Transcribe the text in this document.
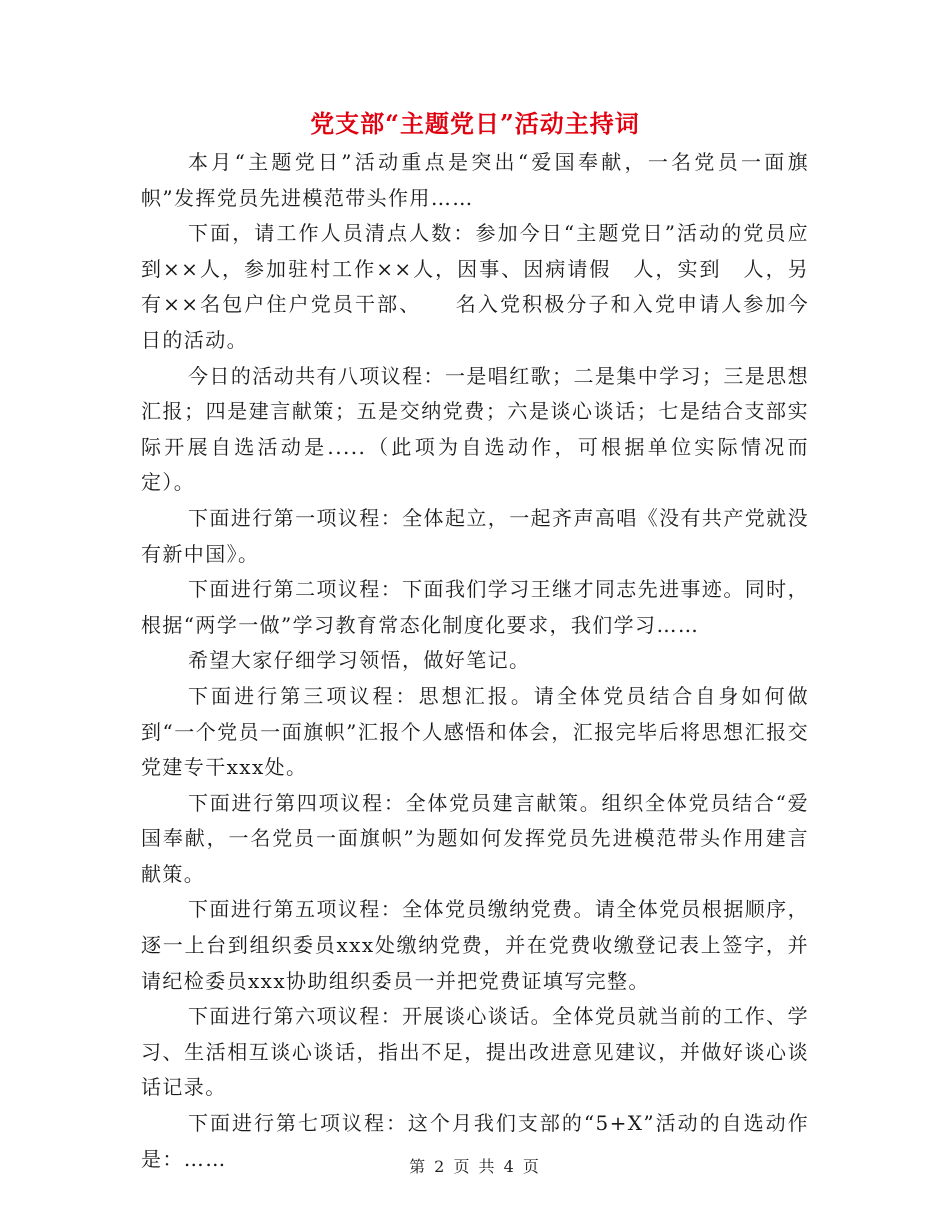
党支部“主题党日”活动主持词

本月“主题党日”活动重点是突出“爱国奉献，一名党员一面旗帜”发挥党员先进模范带头作用……

下面，请工作人员清点人数：参加今日“主题党日”活动的党员应到××人，参加驻村工作××人，因事、因病请假　人，实到　人，另有××名包户住户党员干部、　　名入党积极分子和入党申请人参加今日的活动。

今日的活动共有八项议程：一是唱红歌；二是集中学习；三是思想汇报；四是建言献策；五是交纳党费；六是谈心谈话；七是结合支部实际开展自选活动是.....（此项为自选动作，可根据单位实际情况而定）。

下面进行第一项议程：全体起立，一起齐声高唱《没有共产党就没有新中国》。

下面进行第二项议程：下面我们学习王继才同志先进事迹。同时，根据“两学一做”学习教育常态化制度化要求，我们学习……

希望大家仔细学习领悟，做好笔记。

下面进行第三项议程：思想汇报。请全体党员结合自身如何做到“一个党员一面旗帜”汇报个人感悟和体会，汇报完毕后将思想汇报交党建专干xxx处。

下面进行第四项议程：全体党员建言献策。组织全体党员结合“爱国奉献，一名党员一面旗帜”为题如何发挥党员先进模范带头作用建言献策。

下面进行第五项议程：全体党员缴纳党费。请全体党员根据顺序，逐一上台到组织委员xxx处缴纳党费，并在党费收缴登记表上签字，并请纪检委员xxx协助组织委员一并把党费证填写完整。

下面进行第六项议程：开展谈心谈话。全体党员就当前的工作、学习、生活相互谈心谈话，指出不足，提出改进意见建议，并做好谈心谈话记录。

下面进行第七项议程：这个月我们支部的“5+X”活动的自选动作是：……	第 2 页 共 4 页
